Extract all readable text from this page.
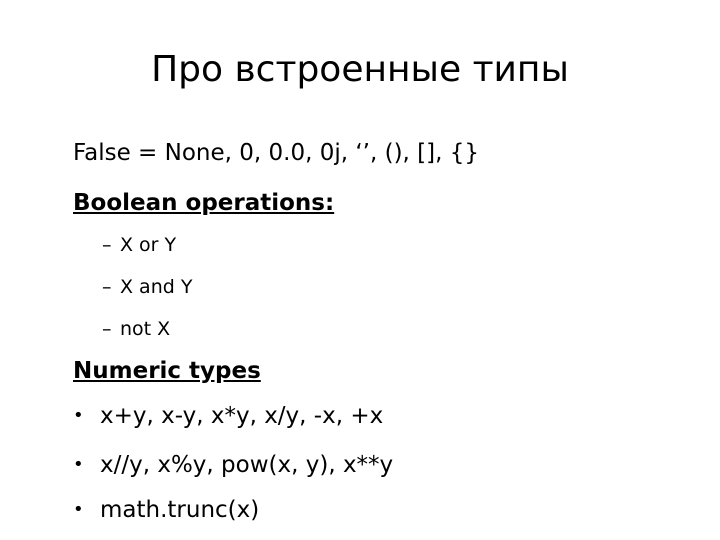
Про встроенные типы
False = None, 0, 0.0, 0j, ‘’, (), [], {}
Boolean operations:
– X or Y
– X and Y
– not X
Numeric types
• x+y, x-y, x*y, x/y, -x, +x
• x//y, x%y, pow(x, y), x**y
• math.trunc(x)
